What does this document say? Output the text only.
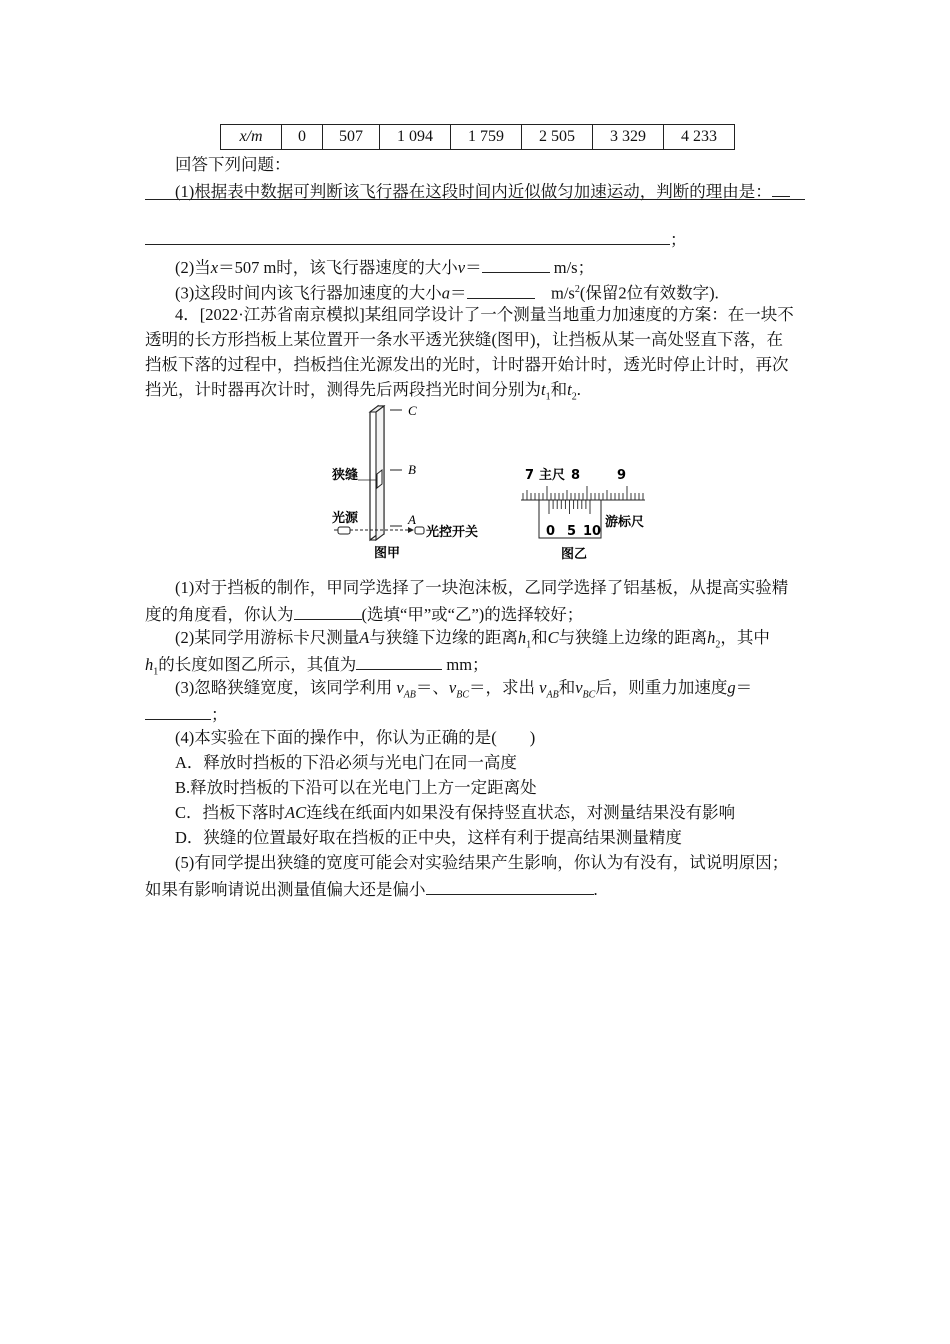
x/m	0	507	1 094	1 759	2 505	3 329	4 233
回答下列问题：
(1)根据表中数据可判断该飞行器在这段时间内近似做匀加速运动，判断的理由是：
；
(2)当x＝507 m时，该飞行器速度的大小v＝	m/s；
(3)这段时间内该飞行器加速度的大小a＝	$m/s^2$(保留2位有效数字).
4．[2022·江苏省南京模拟]某组同学设计了一个测量当地重力加速度的方案：在一块不
透明的长方形挡板上某位置开一条水平透光狭缝(图甲)，让挡板从某一高处竖直下落，在
挡板下落的过程中，挡板挡住光源发出的光时，计时器开始计时，透光时停止计时，再次
挡光，计时器再次计时，测得先后两段挡光时间分别为$t_1$和$t_2$.
C
B
A
狭缝
光源
光控开关
图甲
7 主尺 8	9
0 5 10
游标尺
图乙
(1)对于挡板的制作，甲同学选择了一块泡沫板，乙同学选择了铝基板，从提高实验精
度的角度看，你认为	(选填“甲”或“乙”)的选择较好；
(2)某同学用游标卡尺测量A与狭缝下边缘的距离$h_1$和C与狭缝上边缘的距离$h_2$，其中
$h_1$的长度如图乙所示，其值为	mm；
(3)忽略狭缝宽度，该同学利用 $v_{AB}=$、$v_{BC}=$，求出 $v_{AB}$和$v_{BC}$后，则重力加速度g＝
；
(4)本实验在下面的操作中，你认为正确的是(　　)
A．释放时挡板的下沿必须与光电门在同一高度
B.释放时挡板的下沿可以在光电门上方一定距离处
C．挡板下落时AC连线在纸面内如果没有保持竖直状态，对测量结果没有影响
D．狭缝的位置最好取在挡板的正中央，这样有利于提高结果测量精度
(5)有同学提出狭缝的宽度可能会对实验结果产生影响，你认为有没有，试说明原因；
如果有影响请说出测量值偏大还是偏小	.
